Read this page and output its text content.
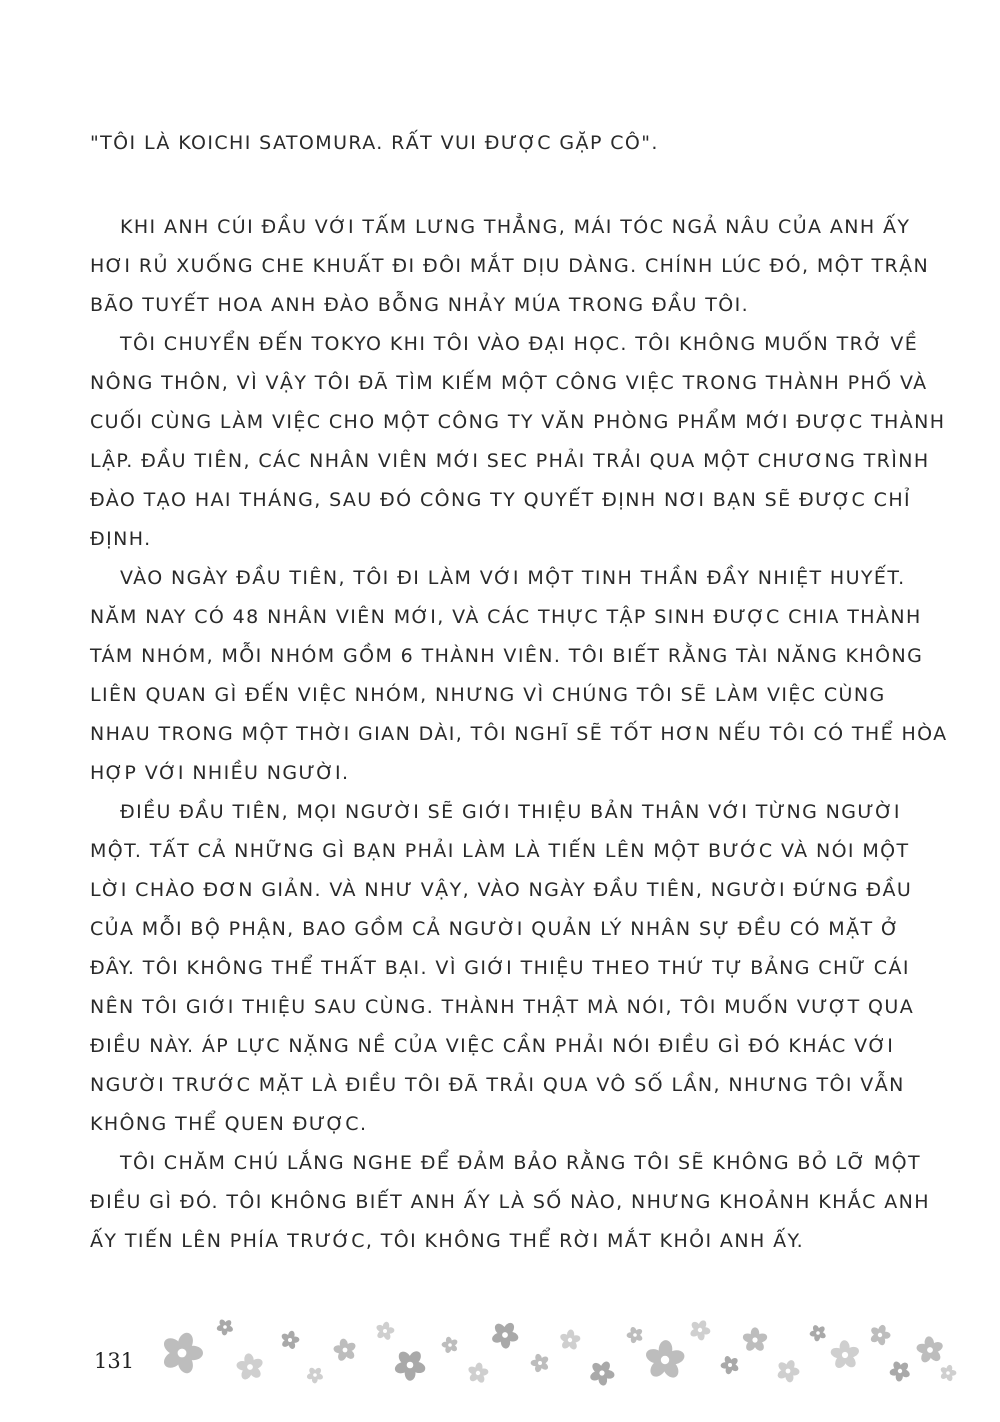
"TÔI LÀ KOICHI SATOMURA. RẤT VUI ĐƯỢC GẶP CÔ".

KHI ANH CÚI ĐẦU VỚI TẤM LƯNG THẲNG, MÁI TÓC NGẢ NÂU CỦA ANH ẤY HƠI RỦ XUỐNG CHE KHUẤT ĐI ĐÔI MẮT DỊU DÀNG. CHÍNH LÚC ĐÓ, MỘT TRẬN BÃO TUYẾT HOA ANH ĐÀO BỖNG NHẢY MÚA TRONG ĐẦU TÔI.

TÔI CHUYỂN ĐẾN TOKYO KHI TÔI VÀO ĐẠI HỌC. TÔI KHÔNG MUỐN TRỞ VỀ NÔNG THÔN, VÌ VẬY TÔI ĐÃ TÌM KIẾM MỘT CÔNG VIỆC TRONG THÀNH PHỐ VÀ CUỐI CÙNG LÀM VIỆC CHO MỘT CÔNG TY VĂN PHÒNG PHẨM MỚI ĐƯỢC THÀNH LẬP. ĐẦU TIÊN, CÁC NHÂN VIÊN MỚI SEC PHẢI TRẢI QUA MỘT CHƯƠNG TRÌNH ĐÀO TẠO HAI THÁNG, SAU ĐÓ CÔNG TY QUYẾT ĐỊNH NƠI BẠN SẼ ĐƯỢC CHỈ ĐỊNH.

VÀO NGÀY ĐẦU TIÊN, TÔI ĐI LÀM VỚI MỘT TINH THẦN ĐẦY NHIỆT HUYẾT. NĂM NAY CÓ 48 NHÂN VIÊN MỚI, VÀ CÁC THỰC TẬP SINH ĐƯỢC CHIA THÀNH TÁM NHÓM, MỖI NHÓM GỒM 6 THÀNH VIÊN. TÔI BIẾT RẰNG TÀI NĂNG KHÔNG LIÊN QUAN GÌ ĐẾN VIỆC NHÓM, NHƯNG VÌ CHÚNG TÔI SẼ LÀM VIỆC CÙNG NHAU TRONG MỘT THỜI GIAN DÀI, TÔI NGHĨ SẼ TỐT HƠN NẾU TÔI CÓ THỂ HÒA HỢP VỚI NHIỀU NGƯỜI.

ĐIỀU ĐẦU TIÊN, MỌI NGƯỜI SẼ GIỚI THIỆU BẢN THÂN VỚI TỪNG NGƯỜI MỘT. TẤT CẢ NHỮNG GÌ BẠN PHẢI LÀM LÀ TIẾN LÊN MỘT BƯỚC VÀ NÓI MỘT LỜI CHÀO ĐƠN GIẢN. VÀ NHƯ VẬY, VÀO NGÀY ĐẦU TIÊN, NGƯỜI ĐỨNG ĐẦU CỦA MỖI BỘ PHẬN, BAO GỒM CẢ NGƯỜI QUẢN LÝ NHÂN SỰ ĐỀU CÓ MẶT Ở ĐÂY. TÔI KHÔNG THỂ THẤT BẠI. VÌ GIỚI THIỆU THEO THỨ TỰ BẢNG CHỮ CÁI NÊN TÔI GIỚI THIỆU SAU CÙNG. THÀNH THẬT MÀ NÓI, TÔI MUỐN VƯỢT QUA ĐIỀU NÀY. ÁP LỰC NẶNG NỀ CỦA VIỆC CẦN PHẢI NÓI ĐIỀU GÌ ĐÓ KHÁC VỚI NGƯỜI TRƯỚC MẶT LÀ ĐIỀU TÔI ĐÃ TRẢI QUA VÔ SỐ LẦN, NHƯNG TÔI VẪN KHÔNG THỂ QUEN ĐƯỢC.

TÔI CHĂM CHÚ LẮNG NGHE ĐỂ ĐẢM BẢO RẰNG TÔI SẼ KHÔNG BỎ LỠ MỘT ĐIỀU GÌ ĐÓ. TÔI KHÔNG BIẾT ANH ẤY LÀ SỐ NÀO, NHƯNG KHOẢNH KHẮC ANH ẤY TIẾN LÊN PHÍA TRƯỚC, TÔI KHÔNG THỂ RỜI MẮT KHỎI ANH ẤY.

131
